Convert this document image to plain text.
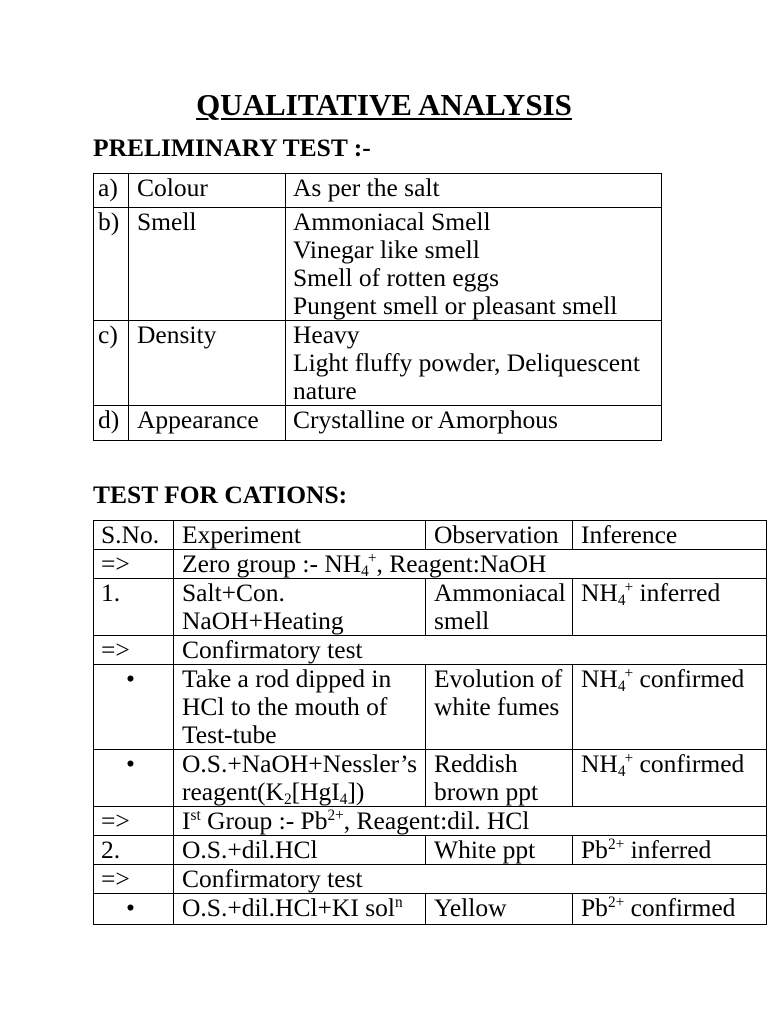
QUALITATIVE ANALYSIS
PRELIMINARY TEST :-
a)	Colour	As per the salt

b)	Smell	Ammoniacal Smell
Vinegar like smell
Smell of rotten eggs
Pungent smell or pleasant smell

c)	Density	Heavy
Light fluffy powder, Deliquescent nature

d)	Appearance	Crystalline or Amorphous
TEST FOR CATIONS:
S.No.	Experiment	Observation	Inference
=>	Zero group :- $NH_4^+$, Reagent:NaOH		
1.	Salt+Con. NaOH+Heating	Ammoniacal smell	$NH_4^+$ inferred
=>	Confirmatory test		
•	Take a rod dipped in HCl to the mouth of Test-tube	Evolution of white fumes	$NH_4^+$ confirmed
•	O.S.+NaOH+Nessler’s $reagent(K_2[HgI_4])$	Reddish brown ppt	$NH_4^+$ confirmed
=>	Ist Group :- $Pb^{2+}$, Reagent:dil. HCl		
2.	O.S.+dil.HCl	White ppt	$Pb^{2+}$ inferred
=>	Confirmatory test		
•	O.S.+dil.HCl+KI sol$^n$	Yellow	$Pb^{2+}$ confirmed
